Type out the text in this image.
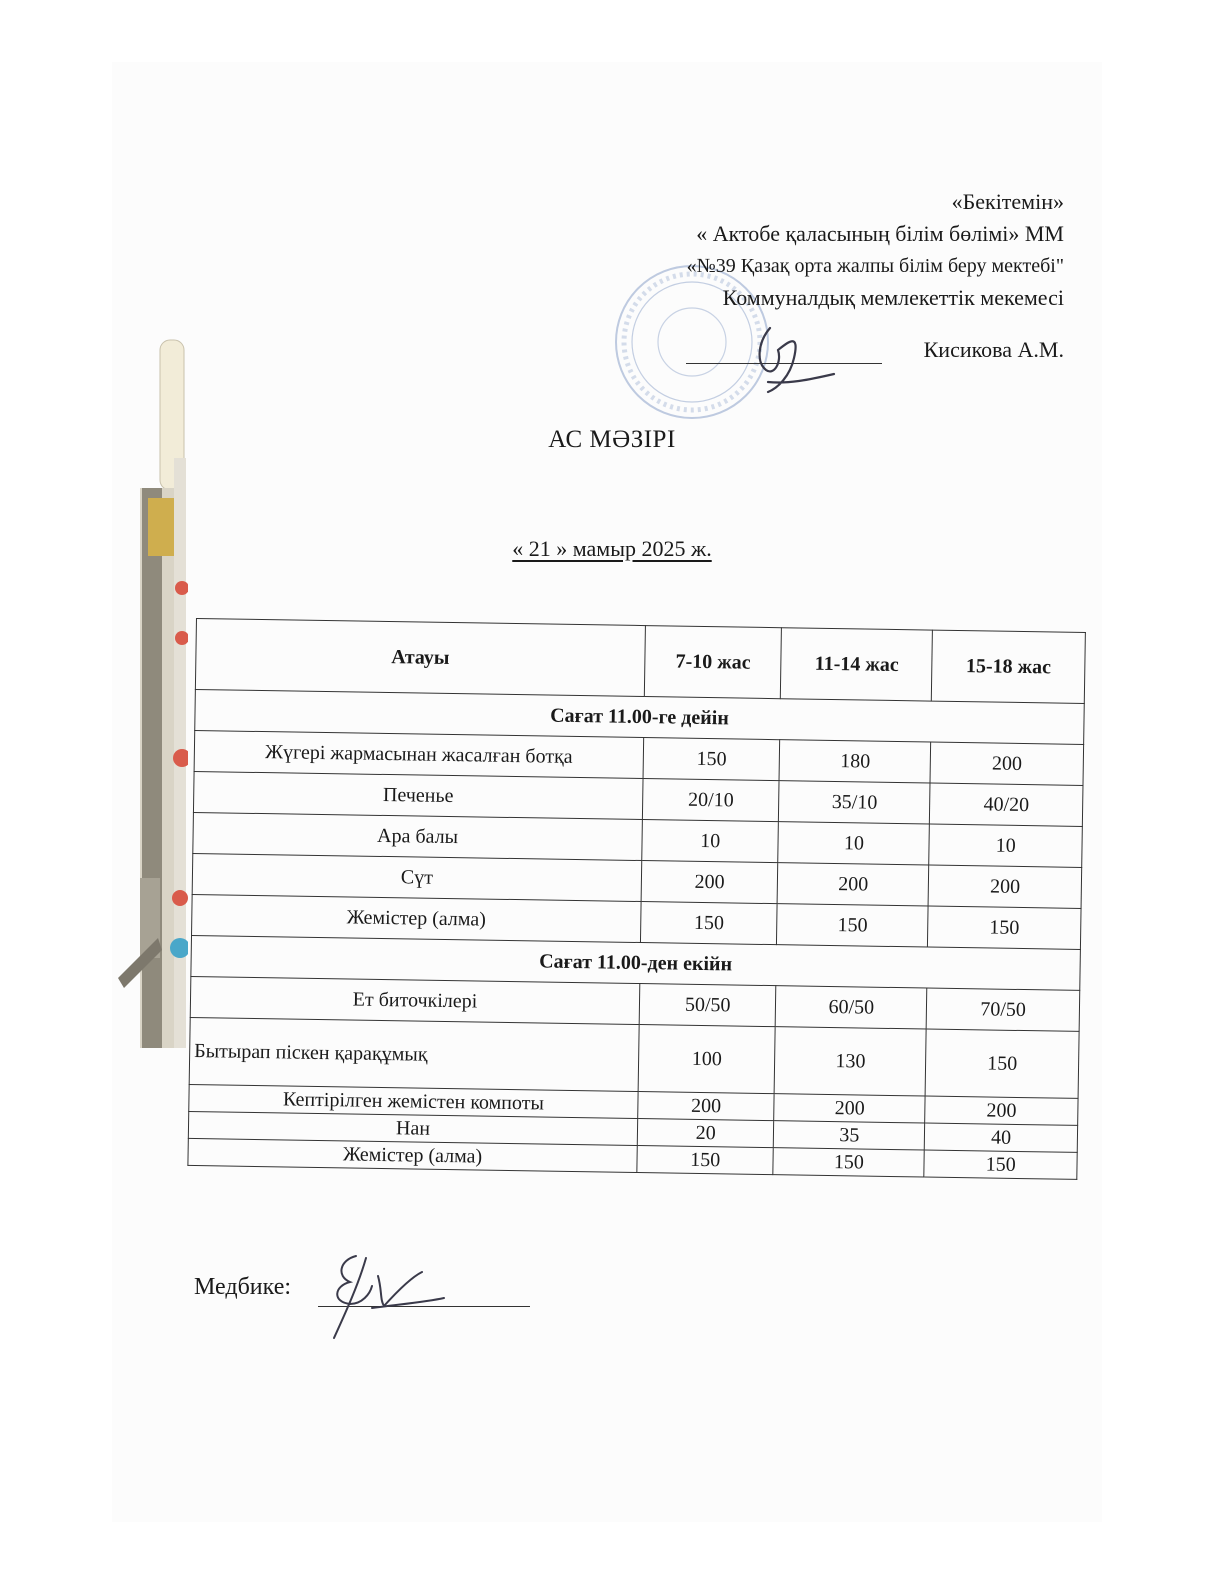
«Бекітемін»
« Актобе қаласының білім бөлімі» ММ
«№39 Қазақ орта жалпы білім беру мектебі"
Коммуналдық мемлекеттік мекемесі
Кисикова А.М.
АС МӘЗІРІ
« 21 » мамыр 2025 ж.
Атауы	7-10 жас	11-14 жас	15-18 жас
Сағат 11.00-ге дейін			
Жүгері жармасынан жасалған ботқа	150	180	200
Печенье	20/10	35/10	40/20
Ара балы	10	10	10
Сүт	200	200	200
Жемістер (алма)	150	150	150
Сағат 11.00-ден екійн			
Ет биточкілері	50/50	60/50	70/50
Бытырап піскен қарақұмық	100	130	150
Кептірілген жемістен компоты	200	200	200
Нан	20	35	40
Жемістер (алма)	150	150	150
Медбике:
